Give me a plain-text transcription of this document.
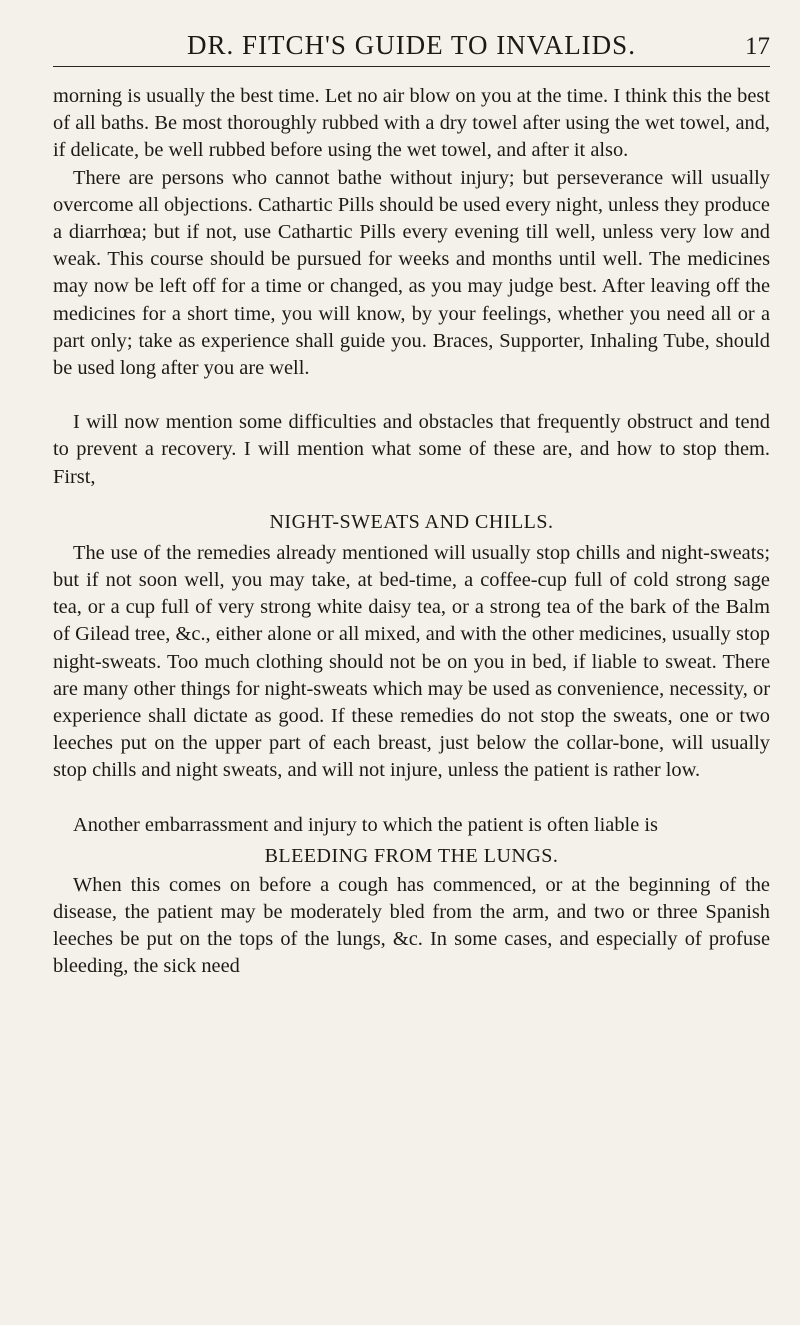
DR. FITCH'S GUIDE TO INVALIDS.	17

morning is usually the best time. Let no air blow on you at the time. I think this the best of all baths. Be most thoroughly rubbed with a dry towel after using the wet towel, and, if delicate, be well rubbed before using the wet towel, and after it also.

There are persons who cannot bathe without injury; but perseverance will usually overcome all objections. Cathartic Pills should be used every night, unless they produce a diarrhœa; but if not, use Cathartic Pills every evening till well, unless very low and weak. This course should be pursued for weeks and months until well. The medicines may now be left off for a time or changed, as you may judge best. After leaving off the medicines for a short time, you will know, by your feelings, whether you need all or a part only; take as experience shall guide you. Braces, Supporter, Inhaling Tube, should be used long after you are well.

I will now mention some difficulties and obstacles that frequently obstruct and tend to prevent a recovery. I will mention what some of these are, and how to stop them. First,

NIGHT-SWEATS AND CHILLS.

The use of the remedies already mentioned will usually stop chills and night-sweats; but if not soon well, you may take, at bed-time, a coffee-cup full of cold strong sage tea, or a cup full of very strong white daisy tea, or a strong tea of the bark of the Balm of Gilead tree, &c., either alone or all mixed, and with the other medicines, usually stop night-sweats. Too much clothing should not be on you in bed, if liable to sweat. There are many other things for night-sweats which may be used as convenience, necessity, or experience shall dictate as good. If these remedies do not stop the sweats, one or two leeches put on the upper part of each breast, just below the collar-bone, will usually stop chills and night sweats, and will not injure, unless the patient is rather low.

Another embarrassment and injury to which the patient is often liable is

BLEEDING FROM THE LUNGS.

When this comes on before a cough has commenced, or at the beginning of the disease, the patient may be moderately bled from the arm, and two or three Spanish leeches be put on the tops of the lungs, &c. In some cases, and especially of profuse bleeding, the sick need
